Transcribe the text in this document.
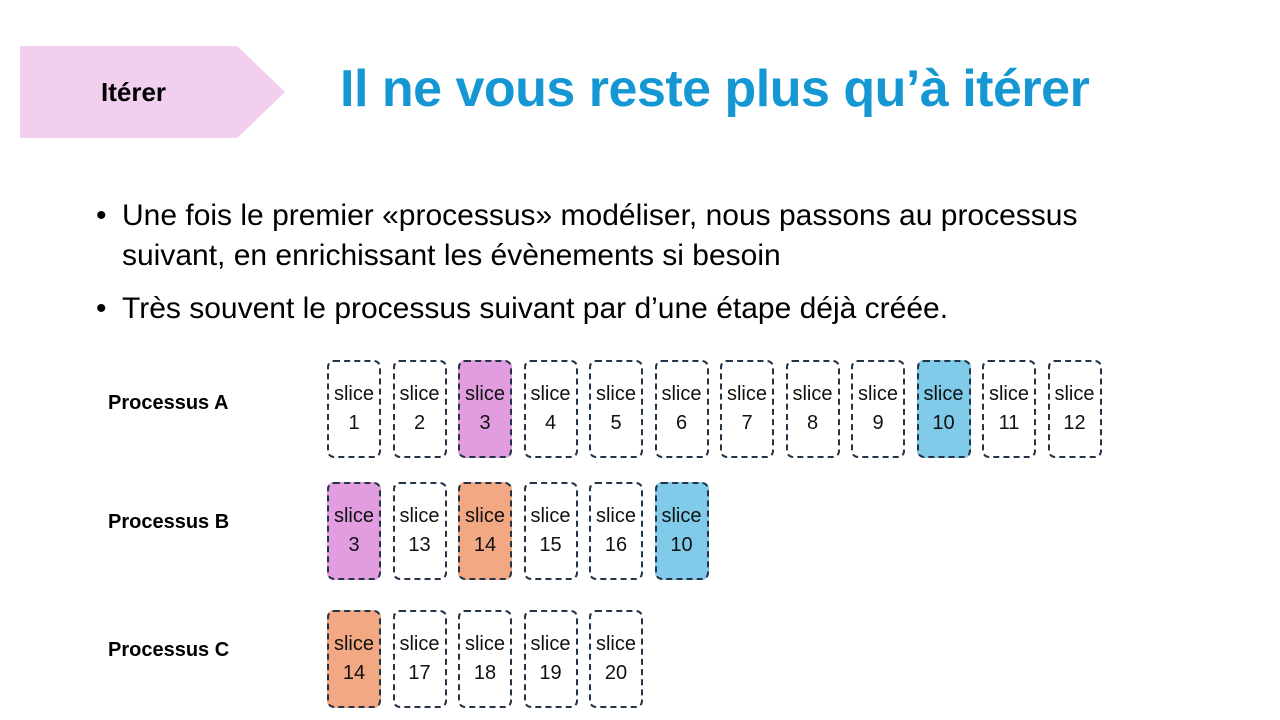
Itérer	Il ne vous reste plus qu’à itérer
• Une fois le premier «processus» modéliser, nous passons au processus suivant, en enrichissant les évènements si besoin
• Très souvent le processus suivant par d’une étape déjà créée.
Processus A
Processus B
Processus C
slice
1
slice
2
slice
3
slice
4
slice
5
slice
6
slice
7
slice
8
slice
9
slice
10
slice
11
slice
12
slice
3
slice
13
slice
14
slice
15
slice
16
slice
10
slice
14
slice
17
slice
18
slice
19
slice
20
